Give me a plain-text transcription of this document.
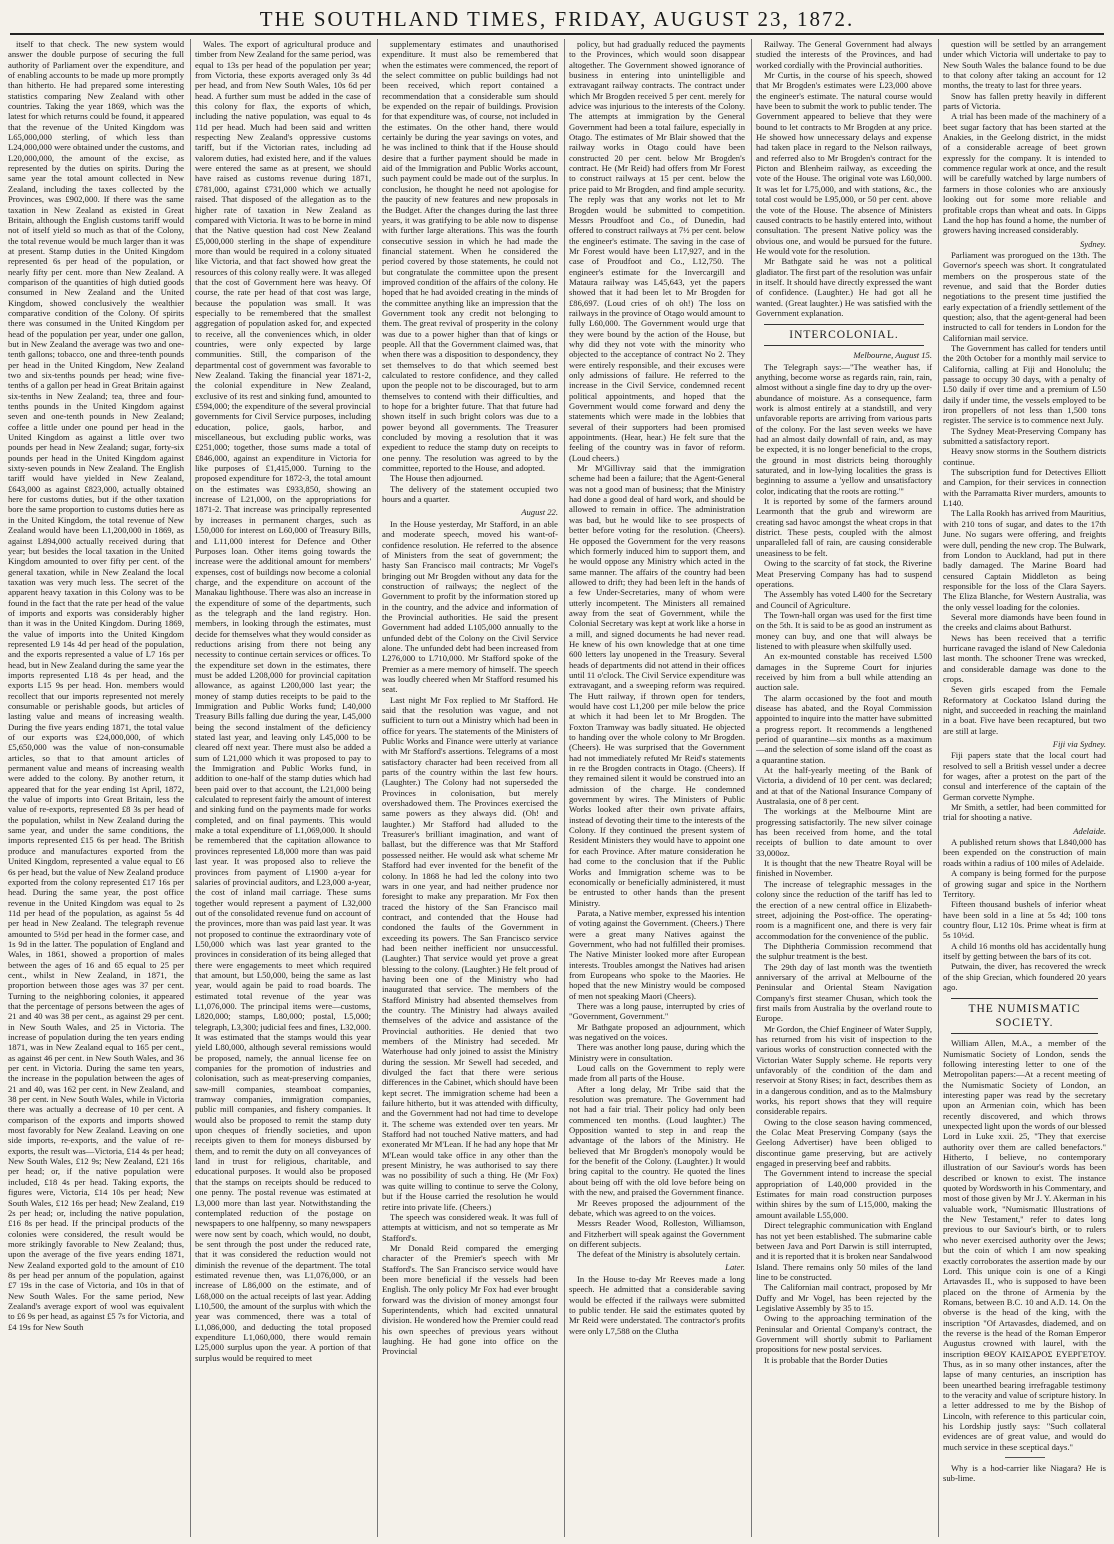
THE SOUTHLAND TIMES, FRIDAY, AUGUST 23, 1872.

itself to that check. The new system would answer the double purpose of securing the full authority of Parliament over the expenditure, and of enabling accounts to be made up more promptly than hitherto. He had prepared some interesting statistics comparing New Zealand with other countries. Taking the year 1869, which was the latest for which returns could be found, it appeared that the revenue of the United Kingdom was L65,000,000 sterling, of which less than L24,000,000 were obtained under the customs, and L20,000,000, the amount of the excise, as represented by the duties on spirits. During the same year the total amount collected in New Zealand, including the taxes collected by the Provinces, was £902,000. If there was the same taxation in New Zealand as existed in Great Britain, although the English customs tariff would not of itself yield so much as that of the Colony, the total revenue would be much larger than it was at present. Stamp duties in the United Kingdom represented 6s per head of the population, or nearly fifty per cent. more than New Zealand. A comparison of the quantities of high dutied goods consumed in New Zealand and the United Kingdom, showed conclusively the wealthier comparative condition of the Colony. Of spirits there was consumed in the United Kingdom per head of the population per year, under one gallon, but in New Zealand the average was two and one-tenth gallons; tobacco, one and three-tenth pounds per head in the United Kingdom, New Zealand two and six-tenths pounds per head; wine five-tenths of a gallon per head in Great Britain against six-tenths in New Zealand; tea, three and four-tenths pounds in the United Kingdom against seven and one-tenth pounds in New Zealand; coffee a little under one pound per head in the United Kingdom as against a little over two pounds per head in New Zealand; sugar, forty-six pounds per head in the United Kingdom against sixty-seven pounds in New Zealand. The English tariff would have yielded in New Zealand, £643,000 as against £823,000, actually obtained here for customs duties, but if the other taxation bore the same proportion to customs duties here as in the United Kingdom, the total revenue of New Zealand would have been L1,200,000 in 1869, as against L894,000 actually received during that year; but besides the local taxation in the United Kingdom amounted to over fifty per cent. of the general taxation, while in New Zealand the local taxation was very much less. The secret of the apparent heavy taxation in this Colony was to be found in the fact that the rate per head of the value of imports and exports was considerably higher than it was in the United Kingdom. During 1869, the value of imports into the United Kingdom represented L9 14s 4d per head of the population, and the exports represented a value of L7 16s per head, but in New Zealand during the same year the imports represented L18 4s per head, and the exports L15 9s per head. Hon. members would recollect that our imports represented not merely consumable or perishable goods, but articles of lasting value and means of increasing wealth. During the five years ending 1871, the total value of our exports was £24,000,000, of which £5,650,000 was the value of non-consumable articles, so that to that amount articles of permanent value and means of increasing wealth were added to the colony. By another return, it appeared that for the year ending 1st April, 1872, the value of imports into Great Britain, less the value of re-exports, represented £8 3s per head of the population, whilst in New Zealand during the same year, and under the same conditions, the imports represented £15 6s per head. The British produce and manufactures exported from the United Kingdom, represented a value equal to £6 6s per head, but the value of New Zealand produce exported from the colony represented £17 16s per head. During the same year, the post office revenue in the United Kingdom was equal to 2s 11d per head of the population, as against 5s 4d per head in New Zealand. The telegraph revenue amounted to 5½d per head in the former case, and 1s 9d in the latter. The population of England and Wales, in 1861, showed a proportion of males between the ages of 16 and 65 equal to 25 per cent., whilst in New Zealand, in 1871, the proportion between those ages was 37 per cent. Turning to the neighboring colonies, it appeared that the percentage of persons between the ages of 21 and 40 was 38 per cent., as against 29 per cent. in New South Wales, and 25 in Victoria. The increase of population during the ten years ending 1871, was in New Zealand equal to 165 per cent., as against 46 per cent. in New South Wales, and 36 per cent. in Victoria. During the same ten years, the increase in the population between the ages of 21 and 40, was 162 per cent. in New Zealand, and 38 per cent. in New South Wales, while in Victoria there was actually a decrease of 10 per cent. A comparison of the exports and imports showed most favorably for New Zealand. Leaving on one side imports, re-exports, and the value of re-exports, the result was—Victoria, £14 4s per head; New South Wales, £12 9s; New Zealand, £21 16s per head; or, if the native population were included, £18 4s per head. Taking exports, the figures were, Victoria, £14 10s per head; New South Wales, £12 16s per head; New Zealand, £19 2s per head; or, including the native population, £16 8s per head. If the principal products of the colonies were considered, the result would be more strikingly favorable to New Zealand; thus, upon the average of the five years ending 1871, New Zealand exported gold to the amount of £10 8s per head per annum of the population, against £7 19s in the case of Victoria, and 10s in that of New South Wales. For the same period, New Zealand's average export of wool was equivalent to £6 9s per head, as against £5 7s for Victoria, and £4 19s for New South

Wales. The export of agricultural produce and timber from New Zealand for the same period, was equal to 13s per head of the population per year; from Victoria, these exports averaged only 3s 4d per head, and from New South Wales, 10s 6d per head. A further sum must be added in the case of this colony for flax, the exports of which, including the native population, was equal to 4s 11d per head. Much had been said and written respecting New Zealand's oppressive customs tariff, but if the Victorian rates, including ad valorem duties, had existed here, and if the values were entered the same as at present, we should have raised as customs revenue during 1871, £781,000, against £731,000 which we actually raised. That disposed of the allegation as to the higher rate of taxation in New Zealand as compared with Victoria. It was to be borne in mind that the Native question had cost New Zealand £5,000,000 sterling in the shape of expenditure more than would be required in a colony situated like Victoria, and that fact showed how great the resources of this colony really were. It was alleged that the cost of Government here was heavy. Of course, the rate per head of that cost was large, because the population was small. It was especially to be remembered that the smallest aggregation of population asked for, and expected to receive, all the conveniences which, in older countries, were only expected by large communities. Still, the comparison of the departmental cost of government was favorable to New Zealand. Taking the financial year 1871-2, the colonial expenditure in New Zealand, exclusive of its rest and sinking fund, amounted to £594,000; the expenditure of the several provincial governments for Civil Service purposes, including education, police, gaols, harbor, and miscellaneous, but excluding public works, was £251,000; together, those sums made a total of £846,000, against an expenditure in Victoria for like purposes of £1,415,000. Turning to the proposed expenditure for 1872-3, the total amount on the estimates was £933,850, showing an increase of L21,000, on the appropriations for 1871-2. That increase was principally represented by increases in permanent charges, such as L50,000 for interest on L60,000 of Treasury Bills, and L11,000 interest for Defence and Other Purposes loan. Other items going towards the increase were the additional amount for members' expenses, cost of buildings now become a colonial charge, and the expenditure on account of the Manakau lighthouse. There was also an increase in the expenditure of some of the departments, such as the telegraph and the land registry. Hon. members, in looking through the estimates, must decide for themselves what they would consider as reductions arising from there not being any necessity to continue certain services or offices. To the expenditure set down in the estimates, there must be added L208,000 for provincial capitation allowance, as against L200,000 last year; the money of stamp duties receipts to be paid to the Immigration and Public Works fund; L40,000 Treasury Bills falling due during the year, L45,000 being the second instalment of the deficiency stated last year, and leaving only L45,000 to be cleared off next year. There must also be added a sum of L21,000 which it was proposed to pay to the Immigration and Public Works fund, in addition to one-half of the stamp duties which had been paid over to that account, the L21,000 being calculated to represent fairly the amount of interest and sinking fund on the payments made for works completed, and on final payments. This would make a total expenditure of L1,069,000. It should be remembered that the capitation allowance to provinces represented L8,000 more than was paid last year. It was proposed also to relieve the provinces from payment of L1900 a-year for salaries of provincial auditors, and L23,000 a-year, the cost of inland mail carriage. These sums together would represent a payment of L32,000 out of the consolidated revenue fund on account of the provinces, more than was paid last year. It was not proposed to continue the extraordinary vote of L50,000 which was last year granted to the provinces in consideration of its being alleged that there were engagements to meet which required that amount, but L50,000, being the same as last year, would again be paid to road boards. The estimated total revenue of the year was L1,076,000. The principal items were—customs, L820,000; stamps, L80,000; postal, L5,000; telegraph, L3,300; judicial fees and fines, L32,000. It was estimated that the stamps would this year yield L80,000, although several remissions would be proposed, namely, the annual license fee on companies for the promotion of industries and colonisation, such as meat-preserving companies, saw-mill companies, steamboat companies, tramway companies, immigration companies, public mill companies, and fishery companies. It would also be proposed to remit the stamp duty upon cheques of friendly societies, and upon receipts given to them for moneys disbursed by them, and to remit the duty on all conveyances of land in trust for religious, charitable, and educational purposes. It would also be proposed that the stamps on receipts should be reduced to one penny. The postal revenue was estimated at L3,000 more than last year. Notwithstanding the contemplated reduction of the postage on newspapers to one halfpenny, so many newspapers were now sent by coach, which would, no doubt, be sent through the post under the reduced rate, that it was considered the reduction would not diminish the revenue of the department. The total estimated revenue then, was L1,076,000, or an increase of L86,000 on the estimate, and of L68,000 on the actual receipts of last year. Adding L10,500, the amount of the surplus with which the year was commenced, there was a total of L1,086,000, and deducting the total proposed expenditure L1,060,000, there would remain L25,000 surplus upon the year. A portion of that surplus would be required to meet

supplementary estimates and unauthorised expenditure. It must also be remembered that when the estimates were commenced, the report of the select committee on public buildings had not been received, which report contained a recommendation that a considerable sum should be expended on the repair of buildings. Provision for that expenditure was, of course, not included in the estimates. On the other hand, there would certainly be during the year savings on votes, and he was inclined to think that if the House should desire that a further payment should be made in aid of the Immigration and Public Works account, such payment could be made out of the surplus. In conclusion, he thought he need not apologise for the paucity of new features and new proposals in the Budget. After the changes during the last three years, it was gratifying to be able now to dispense with further large alterations. This was the fourth consecutive session in which he had made the financial statement. When he considered the period covered by those statements, he could not but congratulate the committee upon the present improved condition of the affairs of the colony. He hoped that he had avoided creating in the minds of the committee anything like an impression that the Government took any credit not belonging to them. The great revival of prosperity in the colony was due to a power higher than that of kings or people. All that the Government claimed was, that when there was a disposition to despondency, they set themselves to do that which seemed best calculated to restore confidence, and they called upon the people not to be discouraged, but to arm themselves to contend with their difficulties, and to hope for a brighter future. That that future had shown itself in such bright colors was due to a power beyond all governments. The Treasurer concluded by moving a resolution that it was expedient to reduce the stamp duty on receipts to one penny. The resolution was agreed to by the committee, reported to the House, and adopted.

The House then adjourned.

The delivery of the statement occupied two hours and a quarter.

August 22.

In the House yesterday, Mr Stafford, in an able and moderate speech, moved his want-of-confidence resolution. He referred to the absence of Ministers from the seat of government; the hasty San Francisco mail contracts; Mr Vogel's bringing out Mr Brogden without any data for the construction of railways; the neglect of the Government to profit by the information stored up in the country, and the advice and information of the Provincial authorities. He said the present Government had added L105,000 annually to the unfunded debt of the Colony on the Civil Service alone. The unfunded debt had been increased from L276,000 to L710,000. Mr Stafford spoke of the Premier as a mere memory of himself. The speech was loudly cheered when Mr Stafford resumed his seat.

Last night Mr Fox replied to Mr Stafford. He said that the resolution was vague, and not sufficient to turn out a Ministry which had been in office for years. The statements of the Ministers of Public Works and Finance were utterly at variance with Mr Stafford's assertions. Telegrams of a most satisfactory character had been received from all parts of the country within the last few hours. (Laughter.) The Colony had not superseded the Provinces in colonisation, but merely overshadowed them. The Provinces exercised the same powers as they always did. (Oh! and laughter.) Mr Stafford had alluded to the Treasurer's brilliant imagination, and want of ballast, but the difference was that Mr Stafford possessed neither. He would ask what scheme Mr Stafford had ever invented for the benefit of the colony. In 1868 he had led the colony into two wars in one year, and had neither prudence nor foresight to make any preparation. Mr Fox then traced the history of the San Francisco mail contract, and contended that the House had condoned the faults of the Government in exceeding its powers. The San Francisco service had been neither inefficient nor unsuccessful. (Laughter.) That service would yet prove a great blessing to the colony. (Laughter.) He felt proud of having been one of the Ministry who had inaugurated that service. The members of the Stafford Ministry had absented themselves from the country. The Ministry had always availed themselves of the advice and assistance of the Provincial authorities. He denied that two members of the Ministry had seceded. Mr Waterhouse had only joined to assist the Ministry during the session. Mr Sewell had seceded, and divulged the fact that there were serious differences in the Cabinet, which should have been kept secret. The immigration scheme had been a failure hitherto, but it was attended with difficulty, and the Government had not had time to develope it. The scheme was extended over ten years. Mr Stafford had not touched Native matters, and had exonerated Mr M'Lean. If he had any hope that Mr M'Lean would take office in any other than the present Ministry, he was authorised to say there was no possibility of such a thing. He (Mr Fox) was quite willing to continue to serve the Colony, but if the House carried the resolution he would retire into private life. (Cheers.)

The speech was considered weak. It was full of attempts at witticism, and not so temperate as Mr Stafford's.

Mr Donald Reid compared the emerging character of the Premier's speech with Mr Stafford's. The San Francisco service would have been more beneficial if the vessels had been English. The only policy Mr Fox had ever brought forward was the division of money amongst four Superintendents, which had excited unnatural division. He wondered how the Premier could read his own speeches of previous years without laughing. He had gone into office on the Provincial

policy, but had gradually reduced the payments to the Provinces, which would soon disappear altogether. The Government showed ignorance of business in entering into unintelligible and extravagant railway contracts. The contract under which Mr Brogden received 5 per cent. merely for advice was injurious to the interests of the Colony. The attempts at immigration by the General Government had been a total failure, especially in Otago. The estimates of Mr Blair showed that the railway works in Otago could have been constructed 20 per cent. below Mr Brogden's contract. He (Mr Reid) had offers from Mr Forest to construct railways at 15 per cent. below the price paid to Mr Brogden, and find ample security. The reply was that any works not let to Mr Brogden would be submitted to competition. Messrs Proudfoot and Co., of Dunedin, had offered to construct railways at 7½ per cent. below the engineer's estimate. The saving in the case of Mr Forest would have been L17,927, and in the case of Proudfoot and Co., L12,750. The engineer's estimate for the Invercargill and Mataura railway was L45,643, yet the papers showed that it had been let to Mr Brogden for £86,697. (Loud cries of oh oh!) The loss on railways in the province of Otago would amount to fully L60,000. The Government would urge that they were bound by the action of the House, but why did they not vote with the minority who objected to the acceptance of contract No 2. They were entirely responsible, and their excuses were only admissions of failure. He referred to the increase in the Civil Service, condemned recent political appointments, and hoped that the Government would come forward and deny the statements which were made in the lobbies that several of their supporters had been promised appointments. (Hear, hear.) He felt sure that the feeling of the country was in favor of reform. (Loud cheers.)

Mr M'Gillivray said that the immigration scheme had been a failure; that the Agent-General was not a good man of business; that the Ministry had done a good deal of hard work, and should be allowed to remain in office. The administration was bad, but he would like to see prospects of better before voting for the resolution. (Cheers). He opposed the Government for the very reasons which formerly induced him to support them, and he would oppose any Ministry which acted in the same manner. The affairs of the country had been allowed to drift; they had been left in the hands of a few Under-Secretaries, many of whom were utterly incompetent. The Ministers all remained away from the seat of Government, while the Colonial Secretary was kept at work like a horse in a mill, and signed documents he had never read. He knew of his own knowledge that at one time 600 letters lay unopened in the Treasury. Several heads of departments did not attend in their offices until 11 o'clock. The Civil Service expenditure was extravagant, and a sweeping reform was required. The Hutt railway, if thrown open for tenders, would have cost L1,200 per mile below the price at which it had been let to Mr Brogden. The Foxton Tramway was badly situated. He objected to handing over the whole colony to Mr Brogden. (Cheers). He was surprised that the Government had not immediately refuted Mr Reid's statements in re the Brogden contracts in Otago. (Cheers). If they remained silent it would be construed into an admission of the charge. He condemned government by wires. The Ministers of Public Works looked after their own private affairs, instead of devoting their time to the interests of the Colony. If they continued the present system of Resident Ministers they would have to appoint one for each Province. After mature consideration he had come to the conclusion that if the Public Works and Immigration scheme was to be economically or beneficially administered, it must be entrusted to other hands than the present Ministry.

Parata, a Native member, expressed his intention of voting against the Government. (Cheers.) There were a great many Natives against the Government, who had not fulfilled their promises. The Native Minister looked more after European interests. Troubles amongst the Natives had arisen from Europeans who spoke to the Maories. He hoped that the new Ministry would be composed of men not speaking Maori (Cheers).

There was a long pause, interrupted by cries of "Government, Government."

Mr Bathgate proposed an adjournment, which was negatived on the voices.

There was another long pause, during which the Ministry were in consultation.

Loud calls on the Government to reply were made from all parts of the House.

After a long delay, Mr Tribe said that the resolution was premature. The Government had not had a fair trial. Their policy had only been commenced ten months. (Loud laughter.) The Opposition wanted to step in and reap the advantage of the labors of the Ministry. He believed that Mr Brogden's monopoly would be for the benefit of the Colony. (Laughter.) It would bring capital to the country. He quoted the lines about being off with the old love before being on with the new, and praised the Government finance.

Mr Reeves proposed the adjournment of the debate, which was agreed to on the voices.

Messrs Reader Wood, Rolleston, Williamson, and Fitzherbert will speak against the Government on different subjects.

The defeat of the Ministry is absolutely certain.

Later.

In the House to-day Mr Reeves made a long speech. He admitted that a considerable saving would be effected if the railways were submitted to public tender. He said the estimates quoted by Mr Reid were understated. The contractor's profits were only L7,588 on the Clutha

Railway. The General Government had always studied the interests of the Provinces, and had worked cordially with the Provincial authorities.

Mr Curtis, in the course of his speech, showed that Mr Brogden's estimates were L23,000 above the engineer's estimate. The natural course would have been to submit the work to public tender. The Government appeared to believe that they were bound to let contracts to Mr Brogden at any price. He showed how unnecessary delays and expense had taken place in regard to the Nelson railways, and referred also to Mr Brogden's contract for the Picton and Blenheim railway, as exceeding the vote of the House. The original vote was L60,000. It was let for L75,000, and with stations, &c., the total cost would be L95,000, or 50 per cent. above the vote of the House. The absence of Ministers caused contracts to be hastily entered into, without consultation. The present Native policy was the obvious one, and would be pursued for the future. He would vote for the resolution.

Mr Bathgate said he was not a political gladiator. The first part of the resolution was unfair in itself. It should have directly expressed the want of confidence. (Laughter.) He had got all he wanted. (Great laughter.) He was satisfied with the Government explanation.

INTERCOLONIAL.
Melbourne, August 15.

The Telegraph says:—"The weather has, if anything, become worse as regards rain, rain, rain, almost without a single fine day to dry up the over-abundance of moisture. As a consequence, farm work is almost entirely at a standstill, and very unfavorable reports are arriving from various parts of the colony. For the last seven weeks we have had an almost daily downfall of rain, and, as may be expected, it is no longer beneficial to the crops, the ground in most districts being thoroughly saturated, and in low-lying localities the grass is beginning to assume a 'yellow and unsatisfactory color, indicating that the roots are rotting.'"

It is reported by some of the farmers around Learmonth that the grub and wireworm are creating sad havoc amongst the wheat crops in that district. These pests, coupled with the almost unparalleled fall of rain, are causing considerable uneasiness to be felt.

Owing to the scarcity of fat stock, the Riverine Meat Preserving Company has had to suspend operations.

The Assembly has voted L400 for the Secretary and Council of Agriculture.

The Town-hall organ was used for the first time on the 5th. It is said to be as good an instrument as money can buy, and one that will always be listened to with pleasure when skilfully used.

An ex-mounted constable has received L500 damages in the Supreme Court for injuries received by him from a bull while attending an auction sale.

The alarm occasioned by the foot and mouth disease has abated, and the Royal Commission appointed to inquire into the matter have submitted a progress report. It recommends a lengthened period of quarantine—six months as a maximum—and the selection of some island off the coast as a quarantine station.

At the half-yearly meeting of the Bank of Victoria, a dividend of 10 per cent. was declared; and at that of the National Insurance Company of Australasia, one of 8 per cent.

The workings at the Melbourne Mint are progressing satisfactorily. The new silver coinage has been received from home, and the total receipts of bullion to date amount to over 33,000oz.

It is thought that the new Theatre Royal will be finished in November.

The increase of telegraphic messages in the colony since the reduction of the tariff has led to the erection of a new central office in Elizabeth-street, adjoining the Post-office. The operating-room is a magnificent one, and there is very fair accommodation for the convenience of the public.

The Diphtheria Commission recommend that the sulphur treatment is the best.

The 29th day of last month was the twentieth anniversary of the arrival at Melbourne of the Peninsular and Oriental Steam Navigation Company's first steamer Chusan, which took the first mails from Australia by the overland route to Europe.

Mr Gordon, the Chief Engineer of Water Supply, has returned from his visit of inspection to the various works of construction connected with the Victorian Water Supply scheme. He reports very unfavorably of the condition of the dam and reservoir at Stony Rises; in fact, describes them as in a dangerous condition, and as to the Malmsbury works, his report shows that they will require considerable repairs.

Owing to the close season having commenced, the Colac Meat Preserving Company (says the Geelong Advertiser) have been obliged to discontinue game preserving, but are actively engaged in preserving beef and rabbits.

The Government intend to increase the special appropriation of L40,000 provided in the Estimates for main road construction purposes within shires by the sum of L15,000, making the amount available L55,000.

Direct telegraphic communication with England has not yet been established. The submarine cable between Java and Port Darwin is still interrupted, and it is reported that it is broken near Sandalwood Island. There remains only 50 miles of the land line to be constructed.

The Californian mail contract, proposed by Mr Duffy and Mr Vogel, has been rejected by the Legislative Assembly by 35 to 15.

Owing to the approaching termination of the Peninsular and Oriental Company's contract, the Government will shortly submit to Parliament propositions for new postal services.

It is probable that the Border Duties

question will be settled by an arrangement under which Victoria will undertake to pay to New South Wales the balance found to be due to that colony after taking an account for 12 months, the treaty to last for three years.

Snow has fallen pretty heavily in different parts of Victoria.

A trial has been made of the machinery of a beet sugar factory that has been started at the Anakies, in the Geelong district, in the midst of a considerable acreage of beet grown expressly for the company. It is intended to commence regular work at once, and the result will be carefully watched by large numbers of farmers in those colonies who are anxiously looking out for some more reliable and profitable crops than wheat and oats. In Gipps Land the hop has found a home, the number of growers having increased considerably.

Sydney.

Parliament was prorogued on the 13th. The Governor's speech was short. It congratulated members on the prosperous state of the revenue, and said that the Border duties negotiations to the present time justified the early expectation of a friendly settlement of the question; also, that the agent-general had been instructed to call for tenders in London for the Californian mail service.

The Government has called for tenders until the 20th October for a monthly mail service to California, calling at Fiji and Honolulu; the passage to occupy 30 days, with a penalty of L50 daily if over time and a premium of L50 daily if under time, the vessels employed to be iron propellers of not less than 1,500 tons register. The service is to commence next July.

The Sydney Meat-Preserving Company has submitted a satisfactory report.

Heavy snow storms in the Southern districts continue.

The subscription fund for Detectives Elliott and Campion, for their services in connection with the Parramatta River murders, amounts to L140.

The Lalla Rookh has arrived from Mauritius, with 210 tons of sugar, and dates to the 17th June. No sugars were offering, and freights were dull, pending the new crop. The Bulwark, from London to Auckland, had put in there badly damaged. The Marine Board had censured Captain Middleton as being responsible for the loss of the Clara Sayers. The Eliza Blanche, for Western Australia, was the only vessel loading for the colonies.

Several more diamonds have been found in the creeks and claims about Bathurst.

News has been received that a terrific hurricane ravaged the island of New Caledonia last month. The schooner Trene was wrecked, and considerable damage was done to the crops.

Seven girls escaped from the Female Reformatory at Cockatoo Island during the night, and succeeded in reaching the mainland in a boat. Five have been recaptured, but two are still at large.

Fiji via Sydney.

Fiji papers state that the local court had resolved to sell a British vessel under a decree for wages, after a protest on the part of the consul and interference of the captain of the German corvette Nymphe.

Mr Smith, a settler, had been committed for trial for shooting a native.

Adelaide.

A published return shows that L840,000 has been expended on the construction of main roads within a radius of 100 miles of Adelaide.

A company is being formed for the purpose of growing sugar and spice in the Northern Territory.

Fifteen thousand bushels of inferior wheat have been sold in a line at 5s 4d; 100 tons country flour, L12 10s. Prime wheat is firm at 5s 10½d.

A child 16 months old has accidentally hung itself by getting between the bars of its cot.

Putwain, the diver, has recovered the wreck of the ship Grecian, which foundered 20 years ago.

THE NUMISMATIC SOCIETY.

William Allen, M.A., a member of the Numismatic Society of London, sends the following interesting letter to one of the Metropolitan papers:—At a recent meeting of the Numismatic Society of London, an interesting paper was read by the secretary upon an Armenian coin, which has been recently discovered, and which throws unexpected light upon the words of our blessed Lord in Luke xxii. 25, "They that exercise authority over them are called benefactors." Hitherto, I believe, no contemporary illustration of our Saviour's words has been described or known to exist. The instance quoted by Wordsworth in his Commentary, and most of those given by Mr J. Y. Akerman in his valuable work, "Numismatic Illustrations of the New Testament," refer to dates long previous to our Saviour's birth, or to rulers who never exercised authority over the Jews; but the coin of which I am now speaking exactly corroborates the assertion made by our Lord. This unique coin is one of a Kingi Artavasdes II., who is supposed to have been placed on the throne of Armenia by the Romans, between B.C. 10 and A.D. 14. On the obverse is the head of the king, with the inscription "Of Artavasdes, diademed, and on the reverse is the head of the Roman Emperor Augustus crowned with laurel, with the inscription ΘΕΟΥ ΚΑΙΣΑΡΟΣ ΕΥΕΡΓΕΤΟΥ. Thus, as in so many other instances, after the lapse of many centuries, an inscription has been unearthed bearing irrefragable testimony to the veracity and value of scripture history. In a letter addressed to me by the Bishop of Lincoln, with reference to this particular coin, his Lordship justly says: "Such collateral evidences are of great value, and would do much service in these sceptical days."

Why is a hod-carrier like Niagara? He is sub-lime.
